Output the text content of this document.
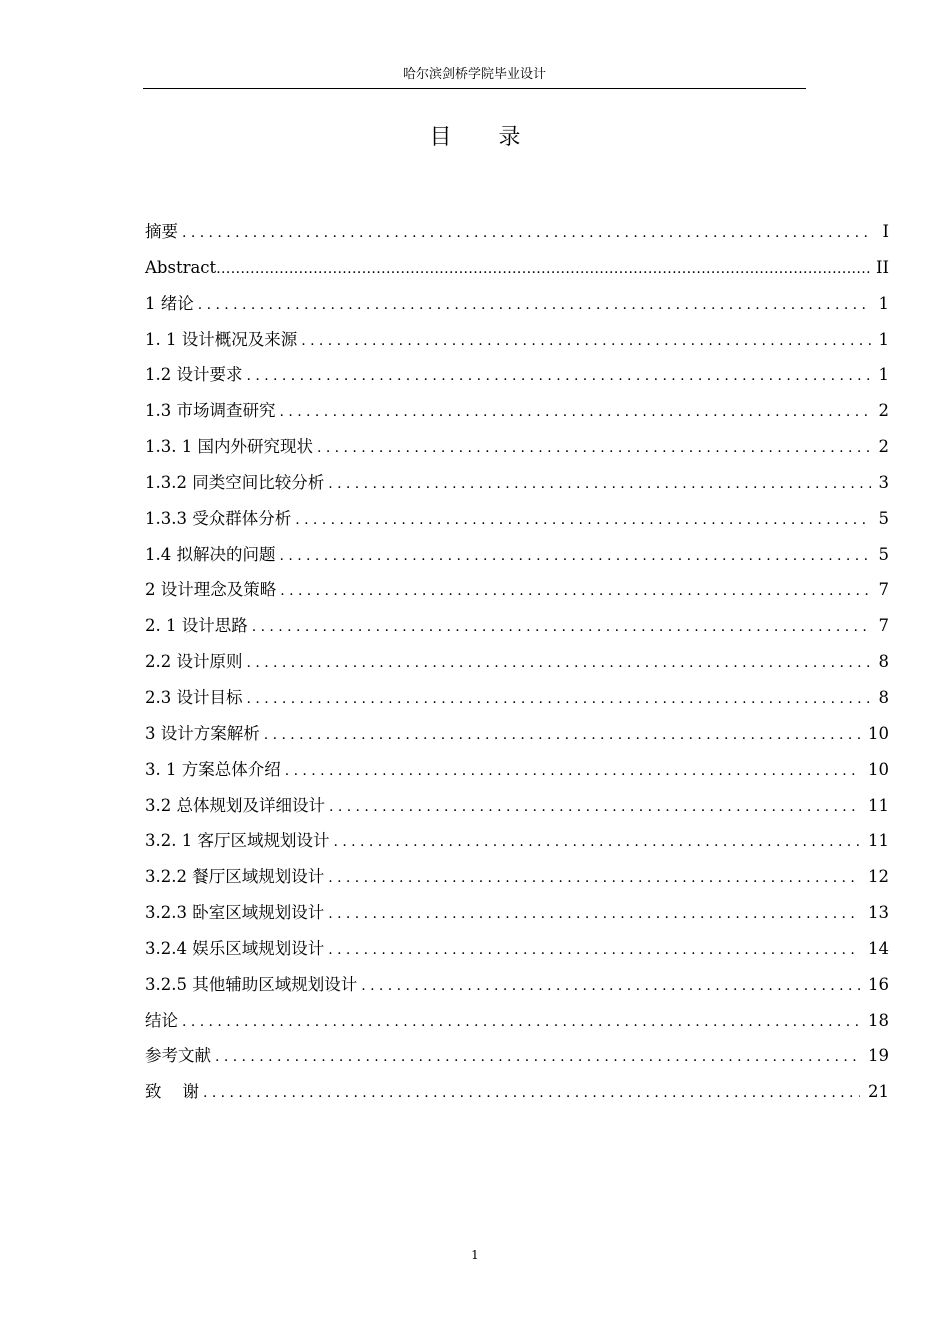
哈尔滨剑桥学院毕业设计
目 录
摘要 .....	I
Abstract .....	II
1 绪论 .....	1
1. 1 设计概况及来源 .....	1
1.2 设计要求 .....	1
1.3 市场调查研究 .....	2
1.3. 1 国内外研究现状 .....	2
1.3.2 同类空间比较分析 .....	3
1.3.3 受众群体分析 .....	5
1.4 拟解决的问题 .....	5
2 设计理念及策略 .....	7
2. 1 设计思路 .....	7
2.2 设计原则 .....	8
2.3 设计目标 .....	8
3 设计方案解析 .....	10
3. 1 方案总体介绍 .....	10
3.2 总体规划及详细设计 .....	11
3.2. 1 客厅区域规划设计 .....	11
3.2.2 餐厅区域规划设计 .....	12
3.2.3 卧室区域规划设计 .....	13
3.2.4 娱乐区域规划设计 .....	14
3.2.5 其他辅助区域规划设计 .....	16
结论 .....	18
参考文献 .....	19
致    谢 .....	21
1
